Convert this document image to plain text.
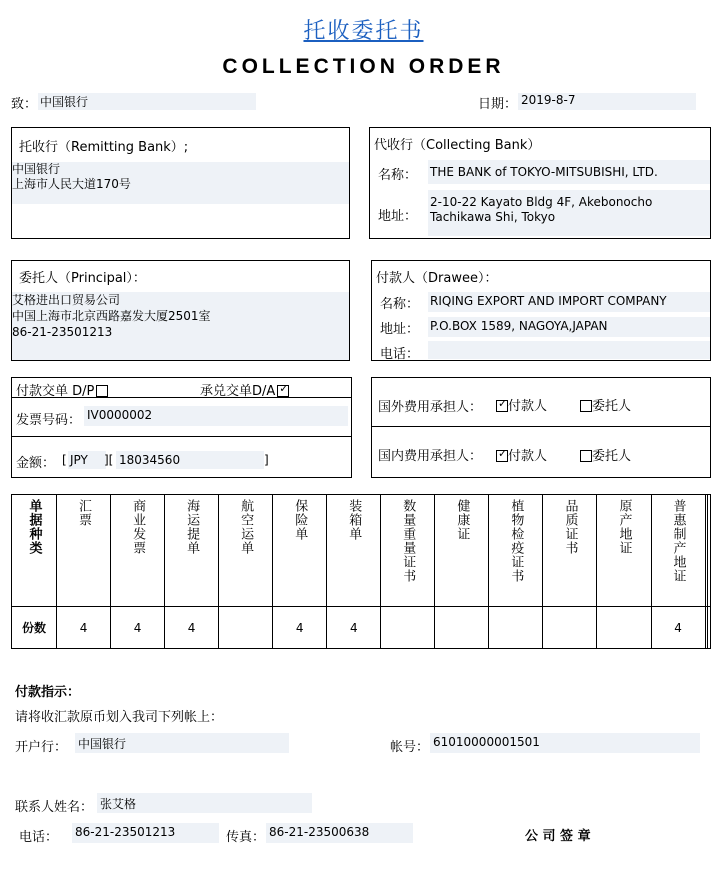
托收委托书
COLLECTION ORDER
致： 中国银行	日期： 2019-8-7
托收行（Remitting Bank）;
中国银行
上海市人民大道170号
代收行（Collecting Bank）
名称： THE BANK of TOKYO-MITSUBISHI, LTD.
地址：
2-10-22 Kayato Bldg 4F, Akebonocho Tachikawa Shi, Tokyo
委托人（Principal）：
艾格进出口贸易公司
中国上海市北京西路嘉发大厦2501室
86-21-23501213
付款人（Drawee）：
名称： RIQING EXPORT AND IMPORT COMPANY
地址： P.O.BOX 1589, NAGOYA,JAPAN
电话：
付款交单 D/P	承兑交单D/A✓
发票号码： IV0000002
金额： [ JPY	][ 18034560	]
国外费用承担人： ✓	付款人	委托人
国内费用承担人： ✓	付款人	委托人
单据种类	汇票	商业发票	海运提单	航空运单	保险单	装箱单	数量重量证书	健康证	植物检疫证书	品质证书	原产地证	普惠制产地证		
份数	4	4	4		4	4						4		
付款指示：
请将收汇款原币划入我司下列帐上：
开户行： 中国银行	帐号： 61010000001501
联系人姓名： 张艾格
电话： 86-21-23501213	传真： 86-21-23500638	公 司 签 章
